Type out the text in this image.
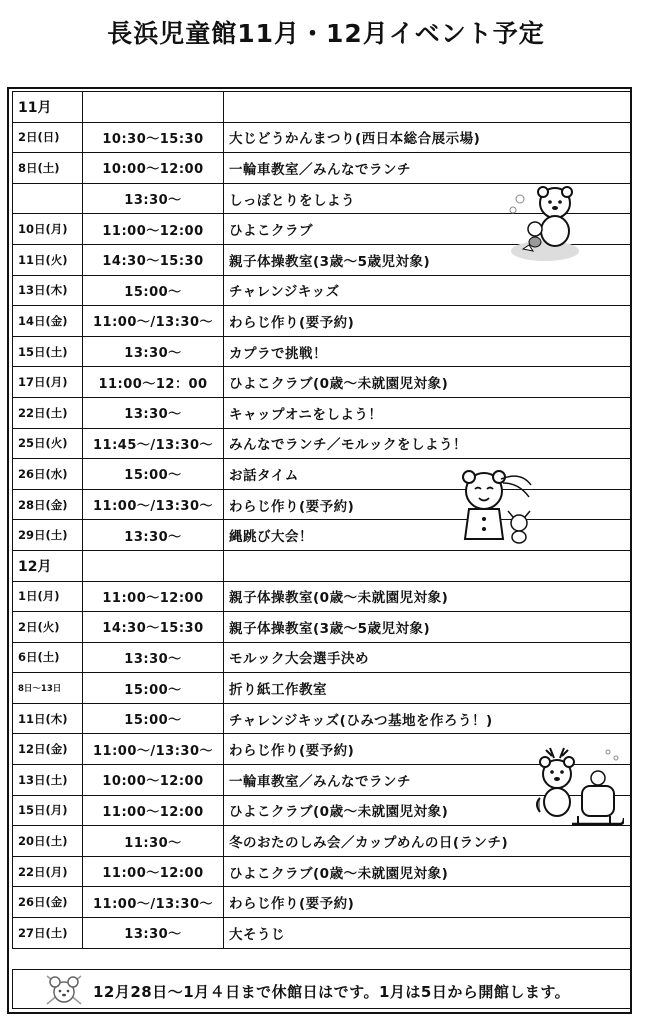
長浜児童館11月・12月イベント予定
11月		
2日(日)	10:30～15:30	大じどうかんまつり(西日本総合展示場)
8日(土)	10:00～12:00	一輪車教室／みんなでランチ
	13:30～	しっぽとりをしよう
10日(月)	11:00～12:00	ひよこクラブ
11日(火)	14:30～15:30	親子体操教室(3歳～5歳児対象)
13日(木)	15:00～	チャレンジキッズ
14日(金)	11:00～/13:30～	わらじ作り(要予約)
15日(土)	13:30～	カプラで挑戦！
17日(月)	11:00～12：00	ひよこクラブ(0歳～未就園児対象)
22日(土)	13:30～	キャップオニをしよう！
25日(火)	11:45～/13:30～	みんなでランチ／モルックをしよう！
26日(水)	15:00～	お話タイム
28日(金)	11:00～/13:30～	わらじ作り(要予約)
29日(土)	13:30～	縄跳び大会！
12月		
1日(月)	11:00～12:00	親子体操教室(0歳～未就園児対象)
2日(火)	14:30～15:30	親子体操教室(3歳～5歳児対象)
6日(土)	13:30～	モルック大会選手決め
8日～13日	15:00～	折り紙工作教室
11日(木)	15:00～	チャレンジキッズ(ひみつ基地を作ろう！)
12日(金)	11:00～/13:30～	わらじ作り(要予約)
13日(土)	10:00～12:00	一輪車教室／みんなでランチ
15日(月)	11:00～12:00	ひよこクラブ(0歳～未就園児対象)
20日(土)	11:30～	冬のおたのしみ会／カップめんの日(ランチ)
22日(月)	11:00～12:00	ひよこクラブ(0歳～未就園児対象)
26日(金)	11:00～/13:30～	わらじ作り(要予約)
27日(土)	13:30～	大そうじ
12月28日～1月４日まで休館日はです。1月は5日から開館します。
